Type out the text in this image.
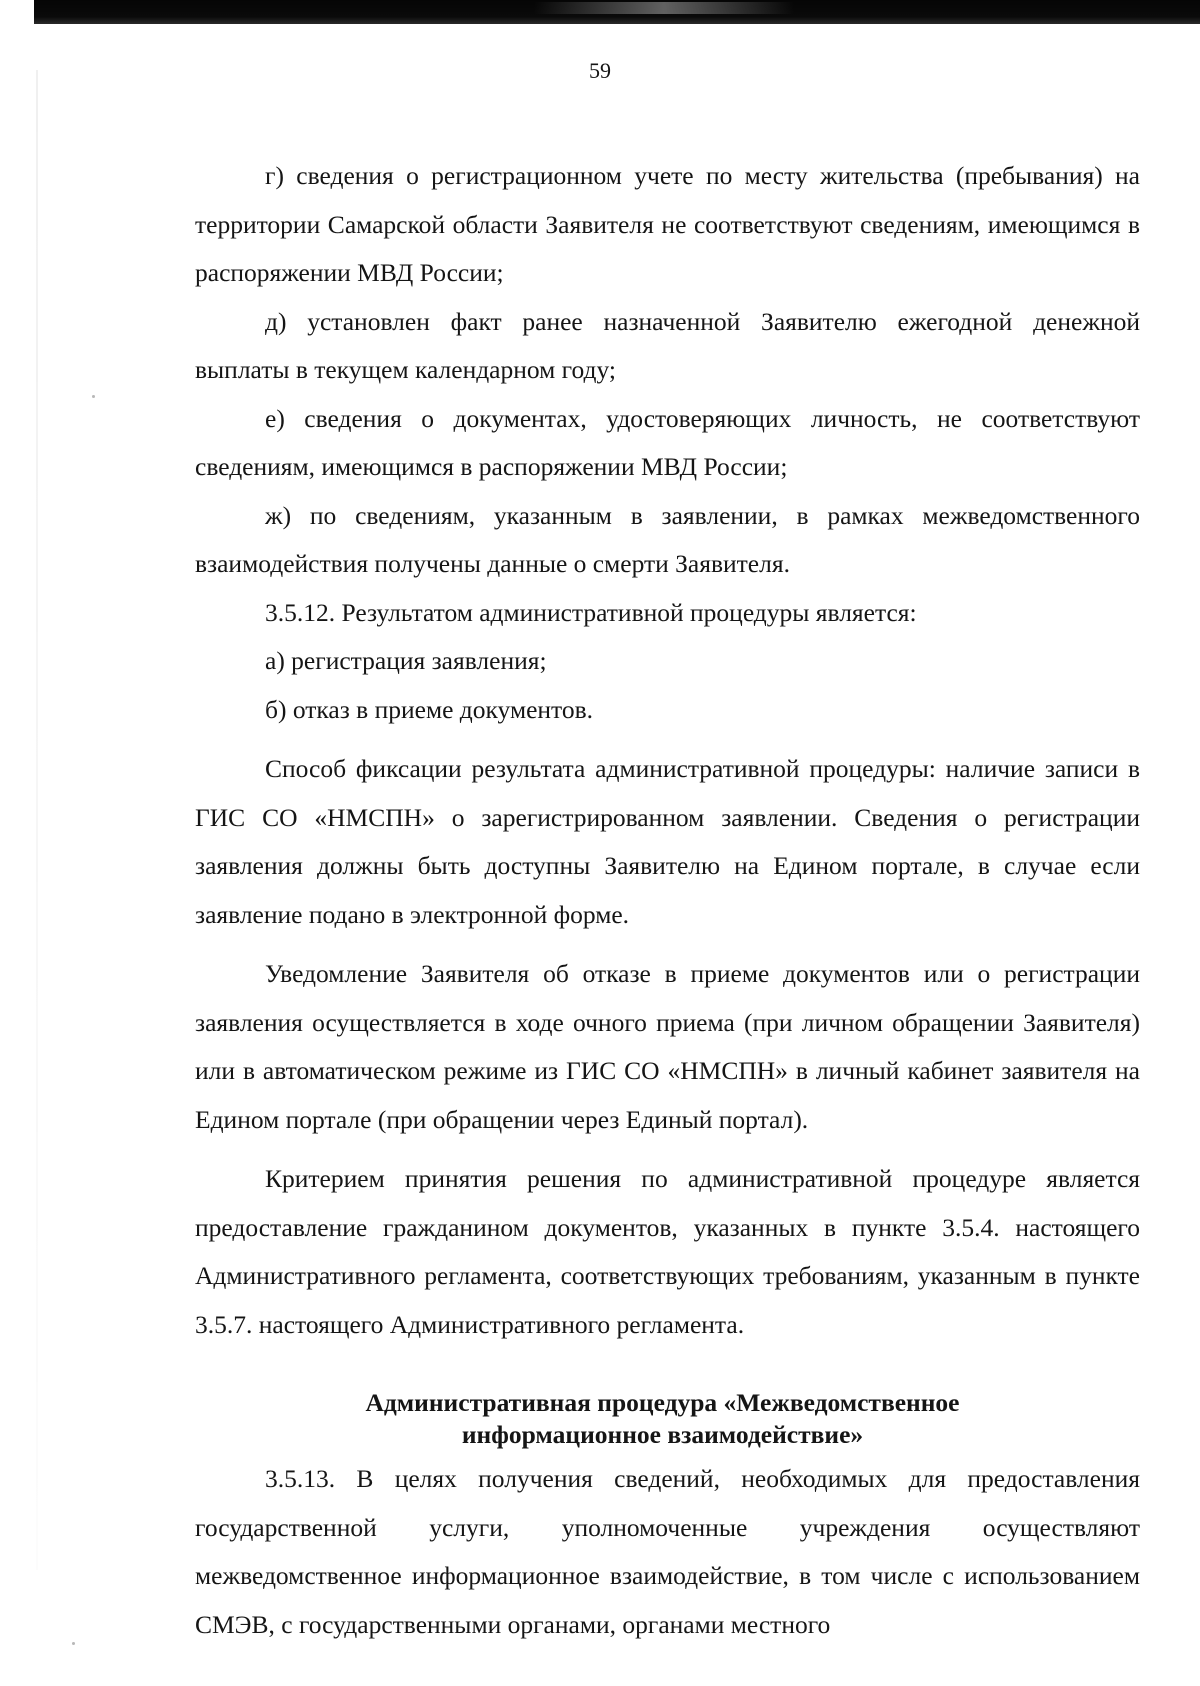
59

г) сведения о регистрационном учете по месту жительства (пребывания) на территории Самарской области Заявителя не соответствуют сведениям, имеющимся в распоряжении МВД России;

д) установлен факт ранее назначенной Заявителю ежегодной денежной выплаты в текущем календарном году;

е) сведения о документах, удостоверяющих личность, не соответствуют сведениям, имеющимся в распоряжении МВД России;

ж) по сведениям, указанным в заявлении, в рамках межведомственного взаимодействия получены данные о смерти Заявителя.

3.5.12. Результатом административной процедуры является:

а) регистрация заявления;

б) отказ в приеме документов.

Способ фиксации результата административной процедуры: наличие записи в ГИС СО «НМСПН» о зарегистрированном заявлении. Сведения о регистрации заявления должны быть доступны Заявителю на Едином портале, в случае если заявление подано в электронной форме.

Уведомление Заявителя об отказе в приеме документов или о регистрации заявления осуществляется в ходе очного приема (при личном обращении Заявителя) или в автоматическом режиме из ГИС СО «НМСПН» в личный кабинет заявителя на Едином портале (при обращении через Единый портал).

Критерием принятия решения по административной процедуре является предоставление гражданином документов, указанных в пункте 3.5.4. настоящего Административного регламента, соответствующих требованиям, указанным в пункте 3.5.7. настоящего Административного регламента.

Административная процедура «Межведомственное
информационное взаимодействие»

3.5.13. В целях получения сведений, необходимых для предоставления государственной услуги, уполномоченные учреждения осуществляют межведомственное информационное взаимодействие, в том числе с использованием СМЭВ, с государственными органами, органами местного
